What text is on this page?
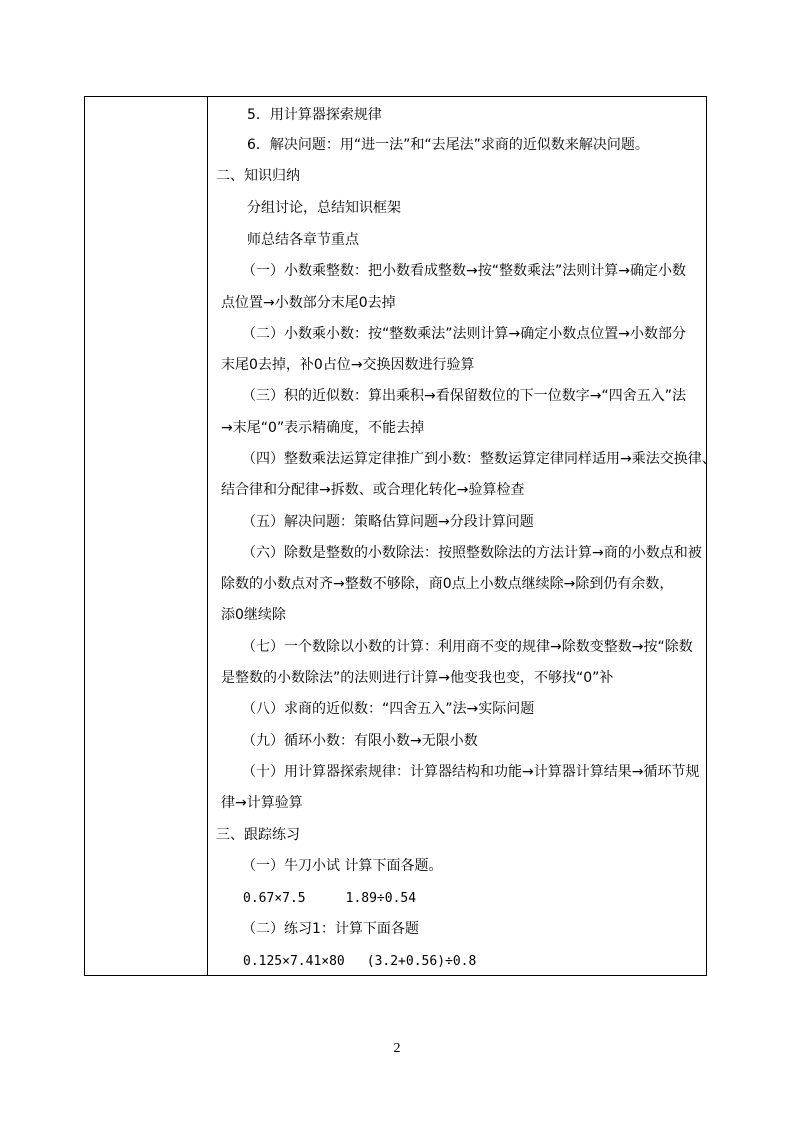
5．用计算器探索规律
6．解决问题：用“进一法”和“去尾法”求商的近似数来解决问题。
二、知识归纳
分组讨论，总结知识框架
师总结各章节重点
（一）小数乘整数：把小数看成整数→按“整数乘法”法则计算→确定小数
点位置→小数部分末尾0去掉
（二）小数乘小数：按“整数乘法”法则计算→确定小数点位置→小数部分
末尾0去掉，补0占位→交换因数进行验算
（三）积的近似数：算出乘积→看保留数位的下一位数字→“四舍五入”法
→末尾“0”表示精确度，不能去掉
（四）整数乘法运算定律推广到小数：整数运算定律同样适用→乘法交换律、
结合律和分配律→拆数、或合理化转化→验算检查
（五）解决问题：策略估算问题→分段计算问题
（六）除数是整数的小数除法：按照整数除法的方法计算→商的小数点和被
除数的小数点对齐→整数不够除，商0点上小数点继续除→除到仍有余数，
添0继续除
（七）一个数除以小数的计算：利用商不变的规律→除数变整数→按“除数
是整数的小数除法”的法则进行计算→他变我也变，不够找“0”补
（八）求商的近似数：“四舍五入”法→实际问题
（九）循环小数：有限小数→无限小数
（十）用计算器探索规律：计算器结构和功能→计算器计算结果→循环节规
律→计算验算
三、跟踪练习
（一）牛刀小试 计算下面各题。
0.67×7.5	1.89÷0.54
（二）练习1：计算下面各题
0.125×7.41×80 (3.2+0.56)÷0.8
2
